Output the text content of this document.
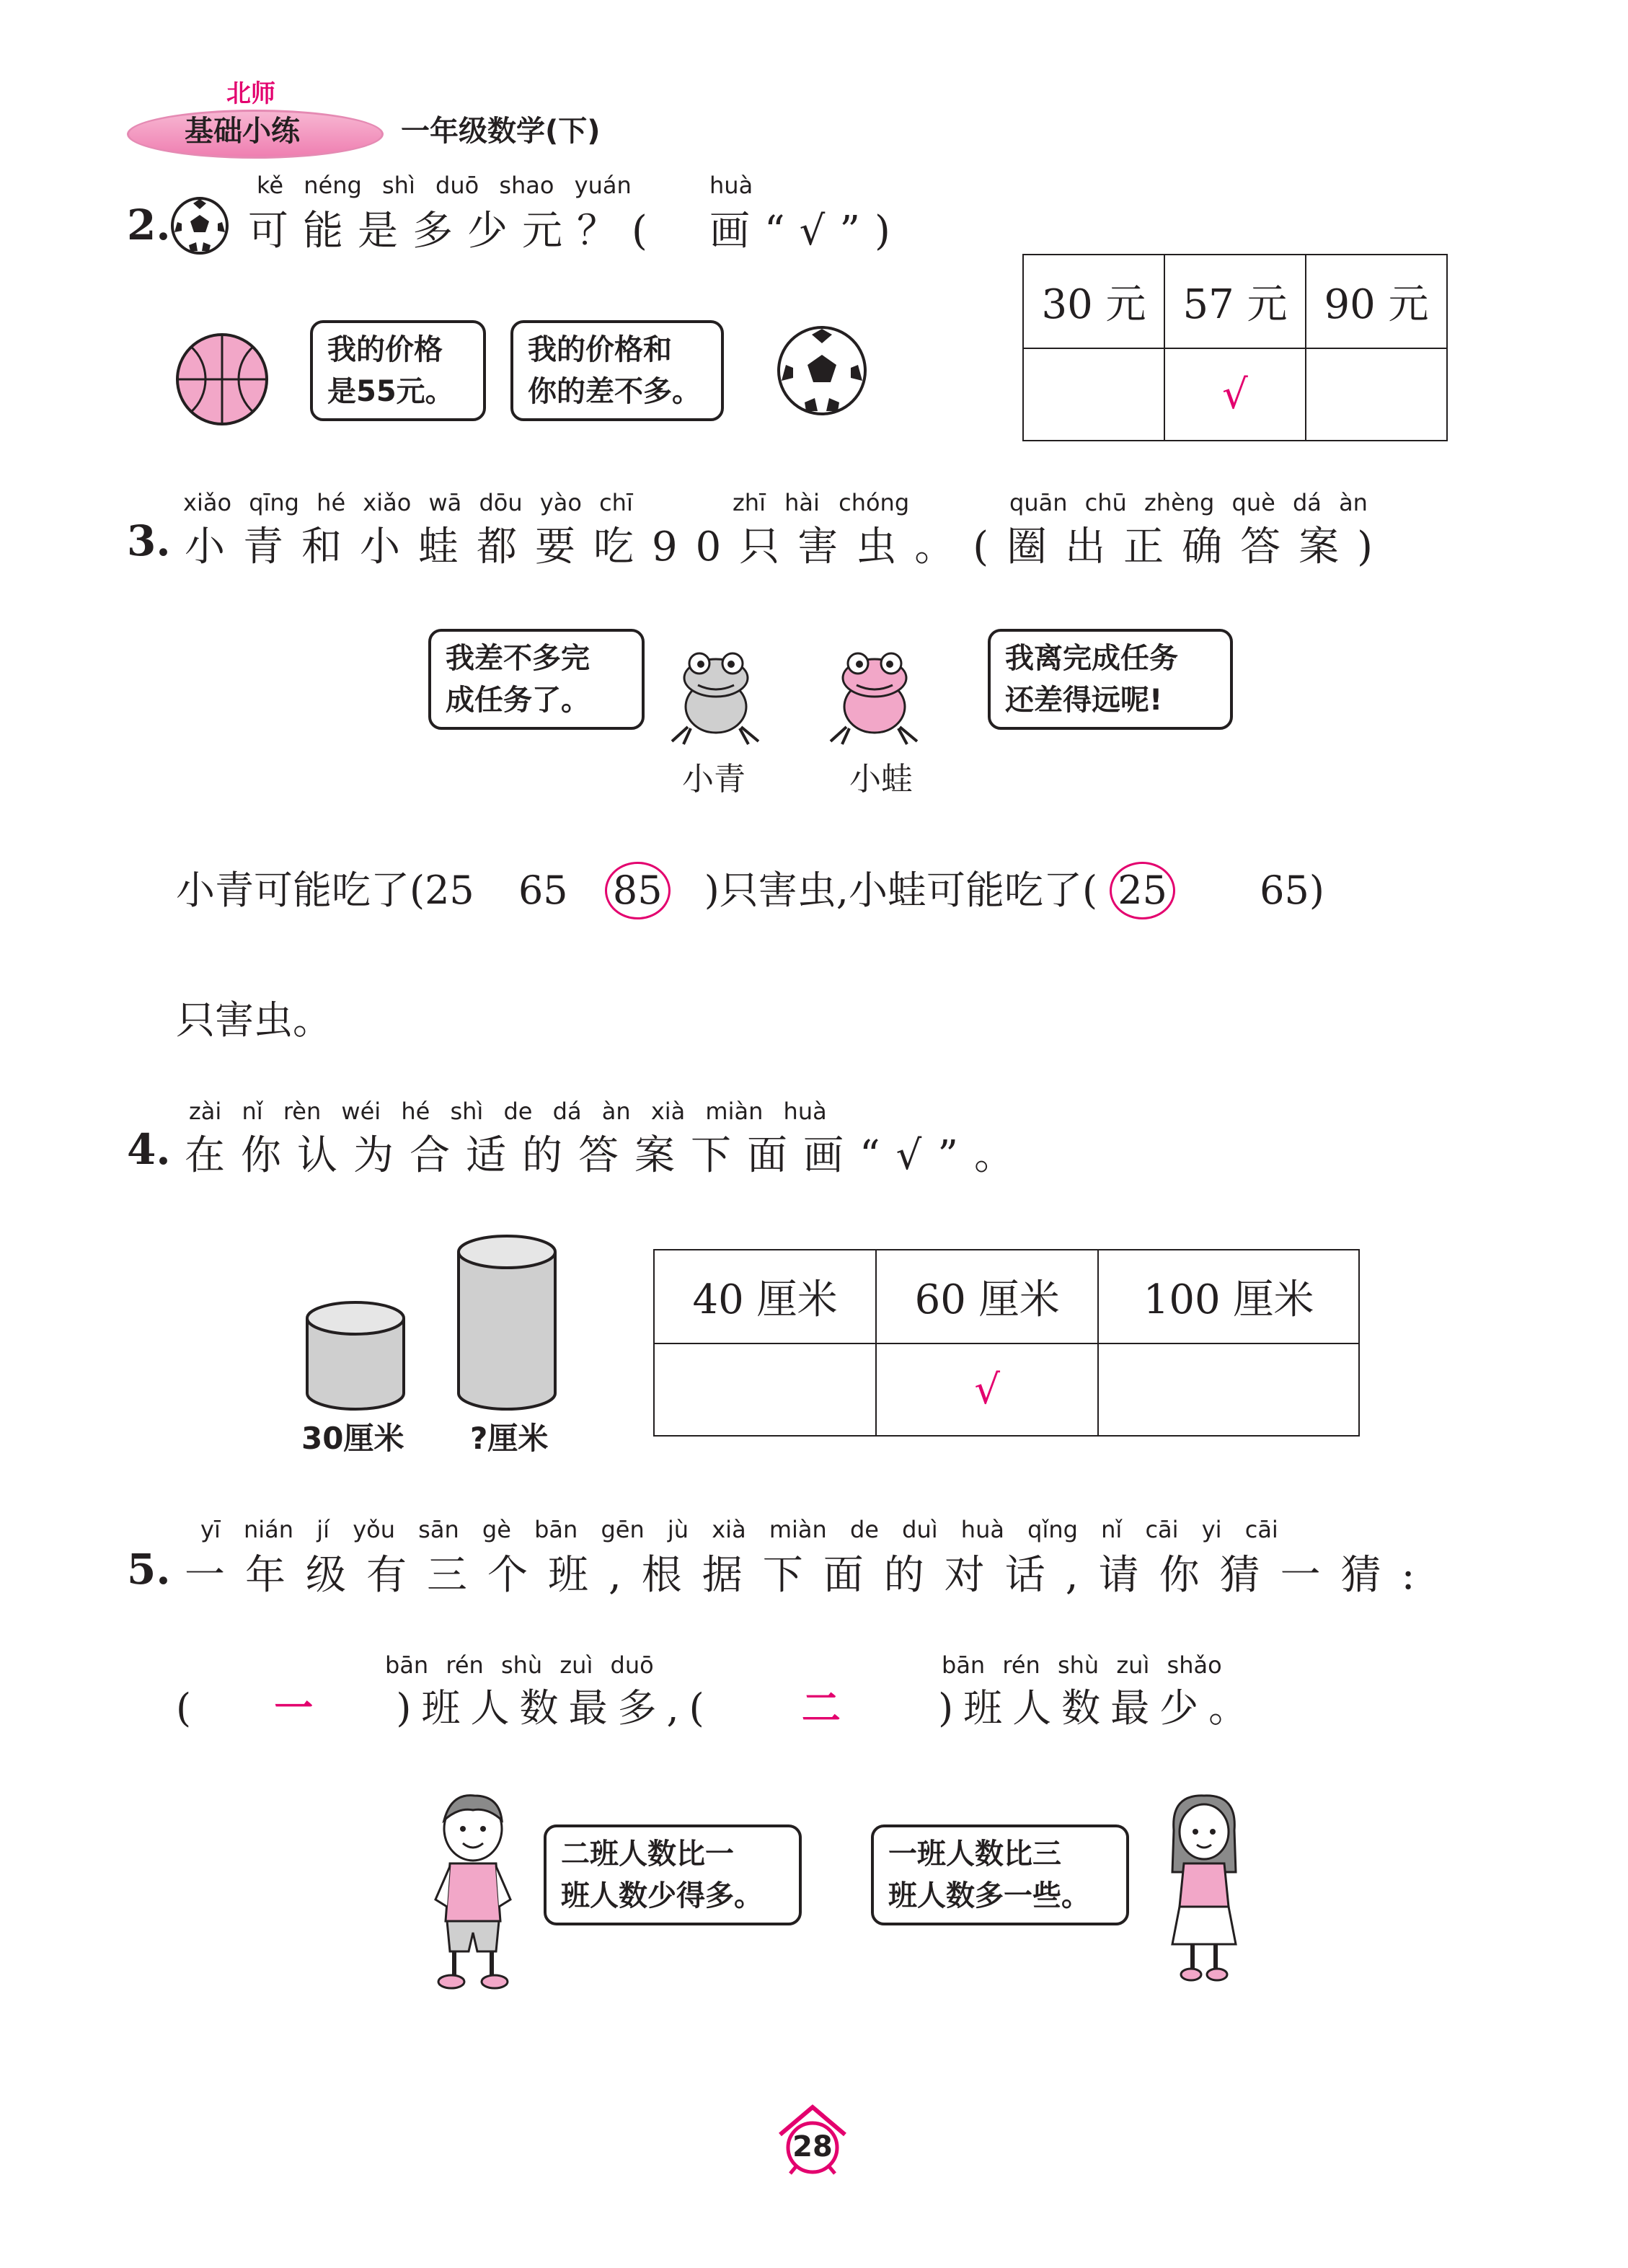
北师
基础小练	一年级数学(下)
kě néng shì duō shao yuán	huà
2. 可能是多少元？( 画“√”)
我的价格
是55元。
我的价格和
你的差不多。
30 元	57 元	90 元
	√	
xiǎo qīng hé xiǎo wā dōu yào chī	zhī hài chóng	quān chū zhèng què dá àn
3. 小青和小蛙都要吃90只害虫。(圈出正确答案)
我差不多完
成任务了。
我离完成任务
还差得远呢!
小青	小蛙
小青可能吃了(25 65 85 )只害虫,小蛙可能吃了( 25 65)
只害虫。
zài nǐ rèn wéi hé shì de dá àn xià miàn huà
4. 在你认为合适的答案下面画“√”。
30厘米 ?厘米
40 厘米	60 厘米	100 厘米
	√	
yī nián jí yǒu sān gè bān gēn jù xià miàn de duì huà qǐng nǐ cāi yi cāi
5. 一年级有三个班,根据下面的对话,请你猜一猜:
bān rén shù zuì duō	bān rén shù zuì shǎo
( 一 )班人数最多,( 二 )班人数最少。
二班人数比一
班人数少得多。
一班人数比三
班人数多一些。
28
